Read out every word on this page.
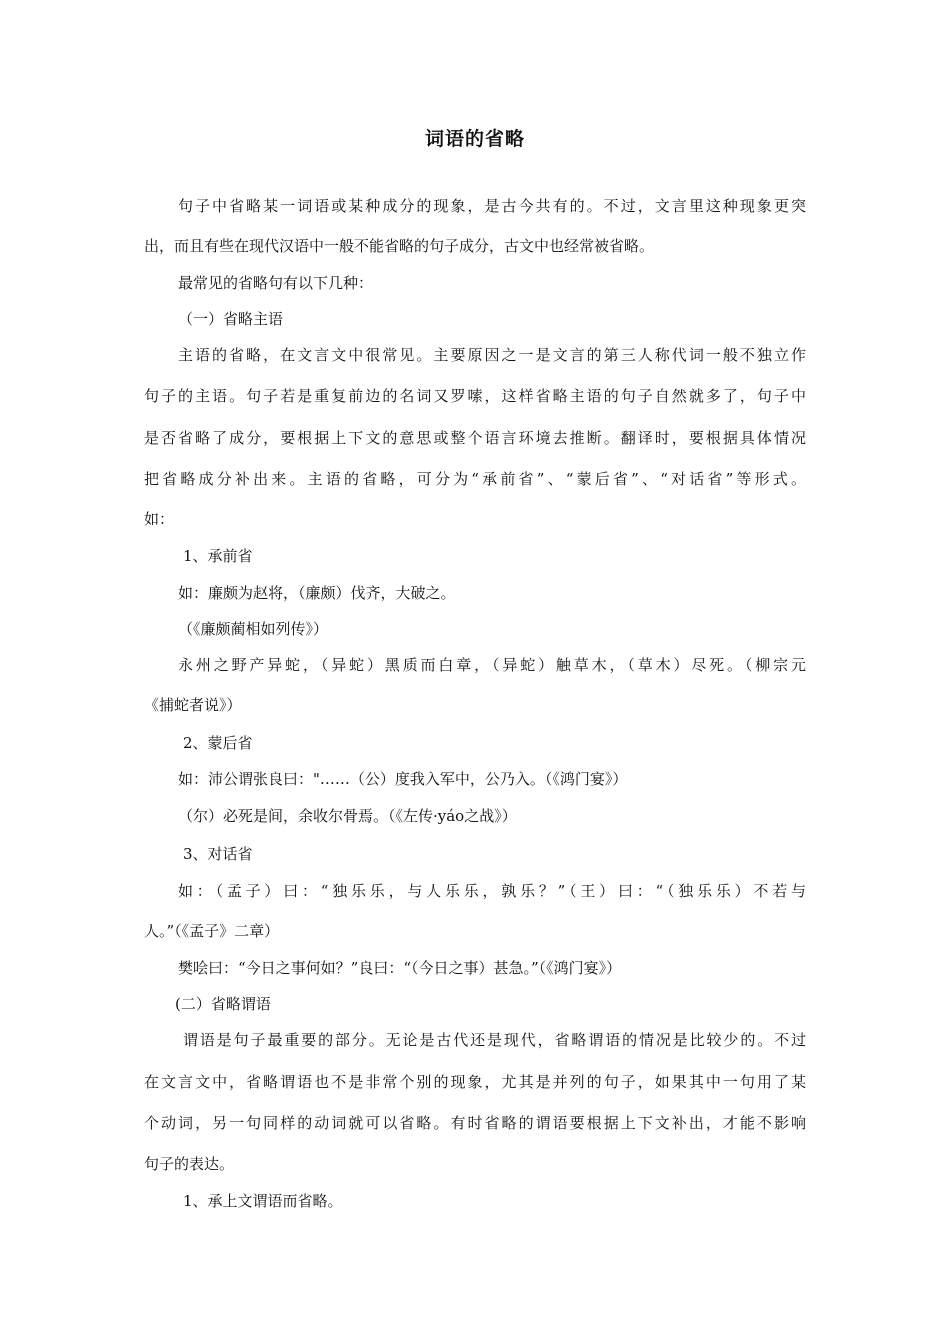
词语的省略
句子中省略某一词语或某种成分的现象，是古今共有的。不过，文言里这种现象更突
出，而且有些在现代汉语中一般不能省略的句子成分，古文中也经常被省略。
最常见的省略句有以下几种：
（一）省略主语
主语的省略，在文言文中很常见。主要原因之一是文言的第三人称代词一般不独立作
句子的主语。句子若是重复前边的名词又罗嗦，这样省略主语的句子自然就多了，句子中
是否省略了成分，要根据上下文的意思或整个语言环境去推断。翻译时，要根据具体情况
把省略成分补出来。主语的省略，可分为“承前省”、“蒙后省”、“对话省”等形式。
如：
1、承前省
如：廉颇为赵将，（廉颇）伐齐，大破之。
（《廉颇蔺相如列传》）
永州之野产异蛇，（异蛇）黑质而白章，（异蛇）触草木，（草木）尽死。（柳宗元
《捕蛇者说》）
2、蒙后省
如：沛公谓张良曰："……（公）度我入军中，公乃入。（《鸿门宴》）
（尔）必死是间，余收尔骨焉。（《左传·yáo之战》）
3、对话省
如：（孟子）曰：“独乐乐，与人乐乐，孰乐？”（王）曰：“（独乐乐）不若与
人。”（《孟子》二章）
樊哙曰：“今日之事何如？”良曰：“（今日之事）甚急。”（《鸿门宴》）
(二）省略谓语
谓语是句子最重要的部分。无论是古代还是现代，省略谓语的情况是比较少的。不过
在文言文中，省略谓语也不是非常个别的现象，尤其是并列的句子，如果其中一句用了某
个动词，另一句同样的动词就可以省略。有时省略的谓语要根据上下文补出，才能不影响
句子的表达。
1、承上文谓语而省略。
